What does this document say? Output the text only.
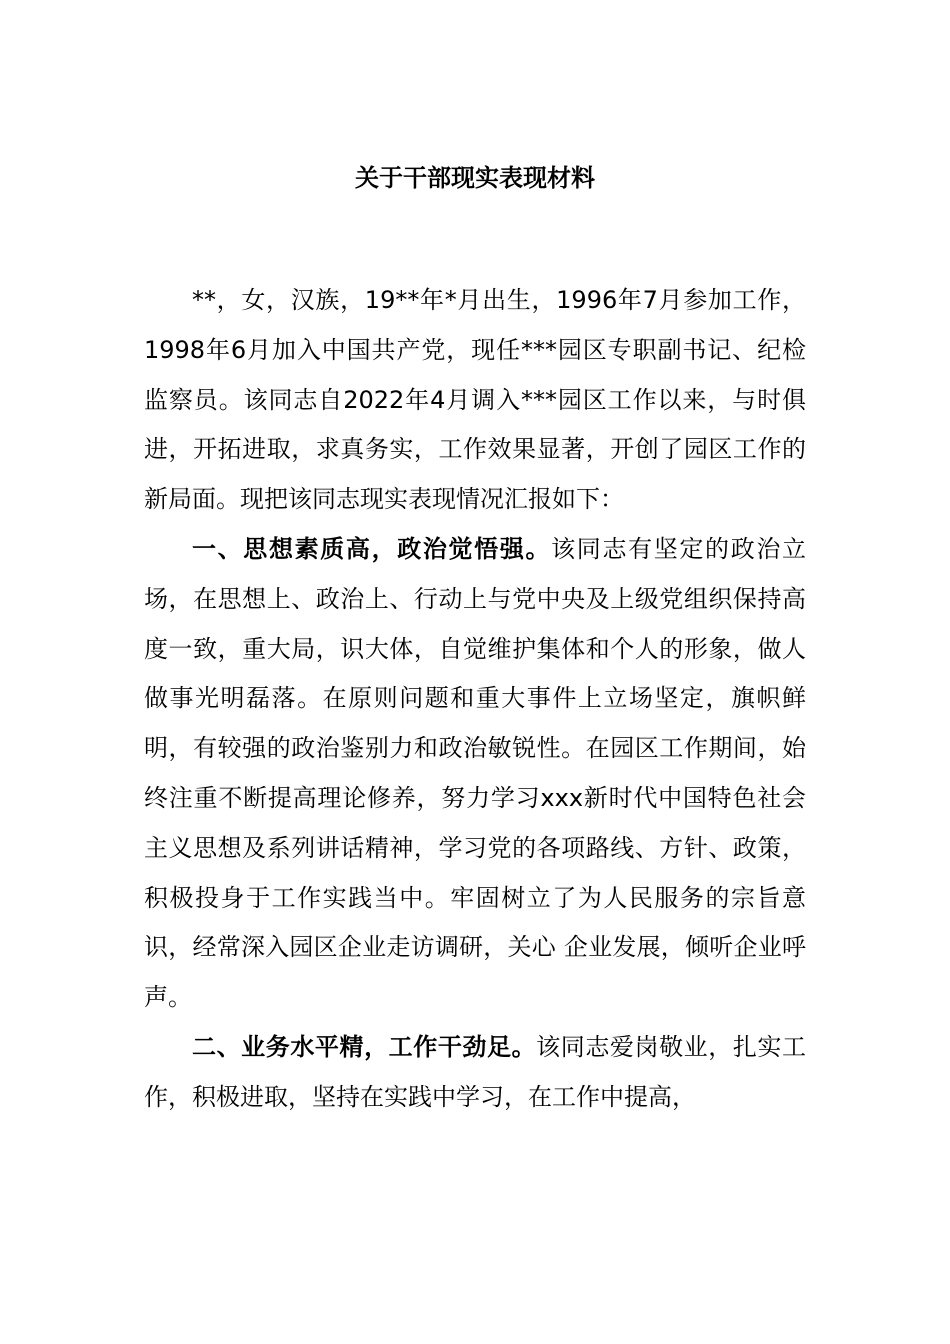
关于干部现实表现材料

**，女，汉族，19**年*月出生，1996年7月参加工作，1998年6月加入中国共产党，现任***园区专职副书记、纪检监察员。该同志自2022年4月调入***园区工作以来，与时俱进，开拓进取，求真务实，工作效果显著，开创了园区工作的新局面。现把该同志现实表现情况汇报如下：

一、思想素质高，政治觉悟强。该同志有坚定的政治立场，在思想上、政治上、行动上与党中央及上级党组织保持高度一致，重大局，识大体，自觉维护集体和个人的形象，做人做事光明磊落。在原则问题和重大事件上立场坚定，旗帜鲜明，有较强的政治鉴别力和政治敏锐性。在园区工作期间，始终注重不断提高理论修养，努力学习xxx新时代中国特色社会主义思想及系列讲话精神，学习党的各项路线、方针、政策，积极投身于工作实践当中。牢固树立了为人民服务的宗旨意识，经常深入园区企业走访调研，关心 企业发展，倾听企业呼声。

二、业务水平精，工作干劲足。该同志爱岗敬业，扎实工作，积极进取，坚持在实践中学习，在工作中提高，
